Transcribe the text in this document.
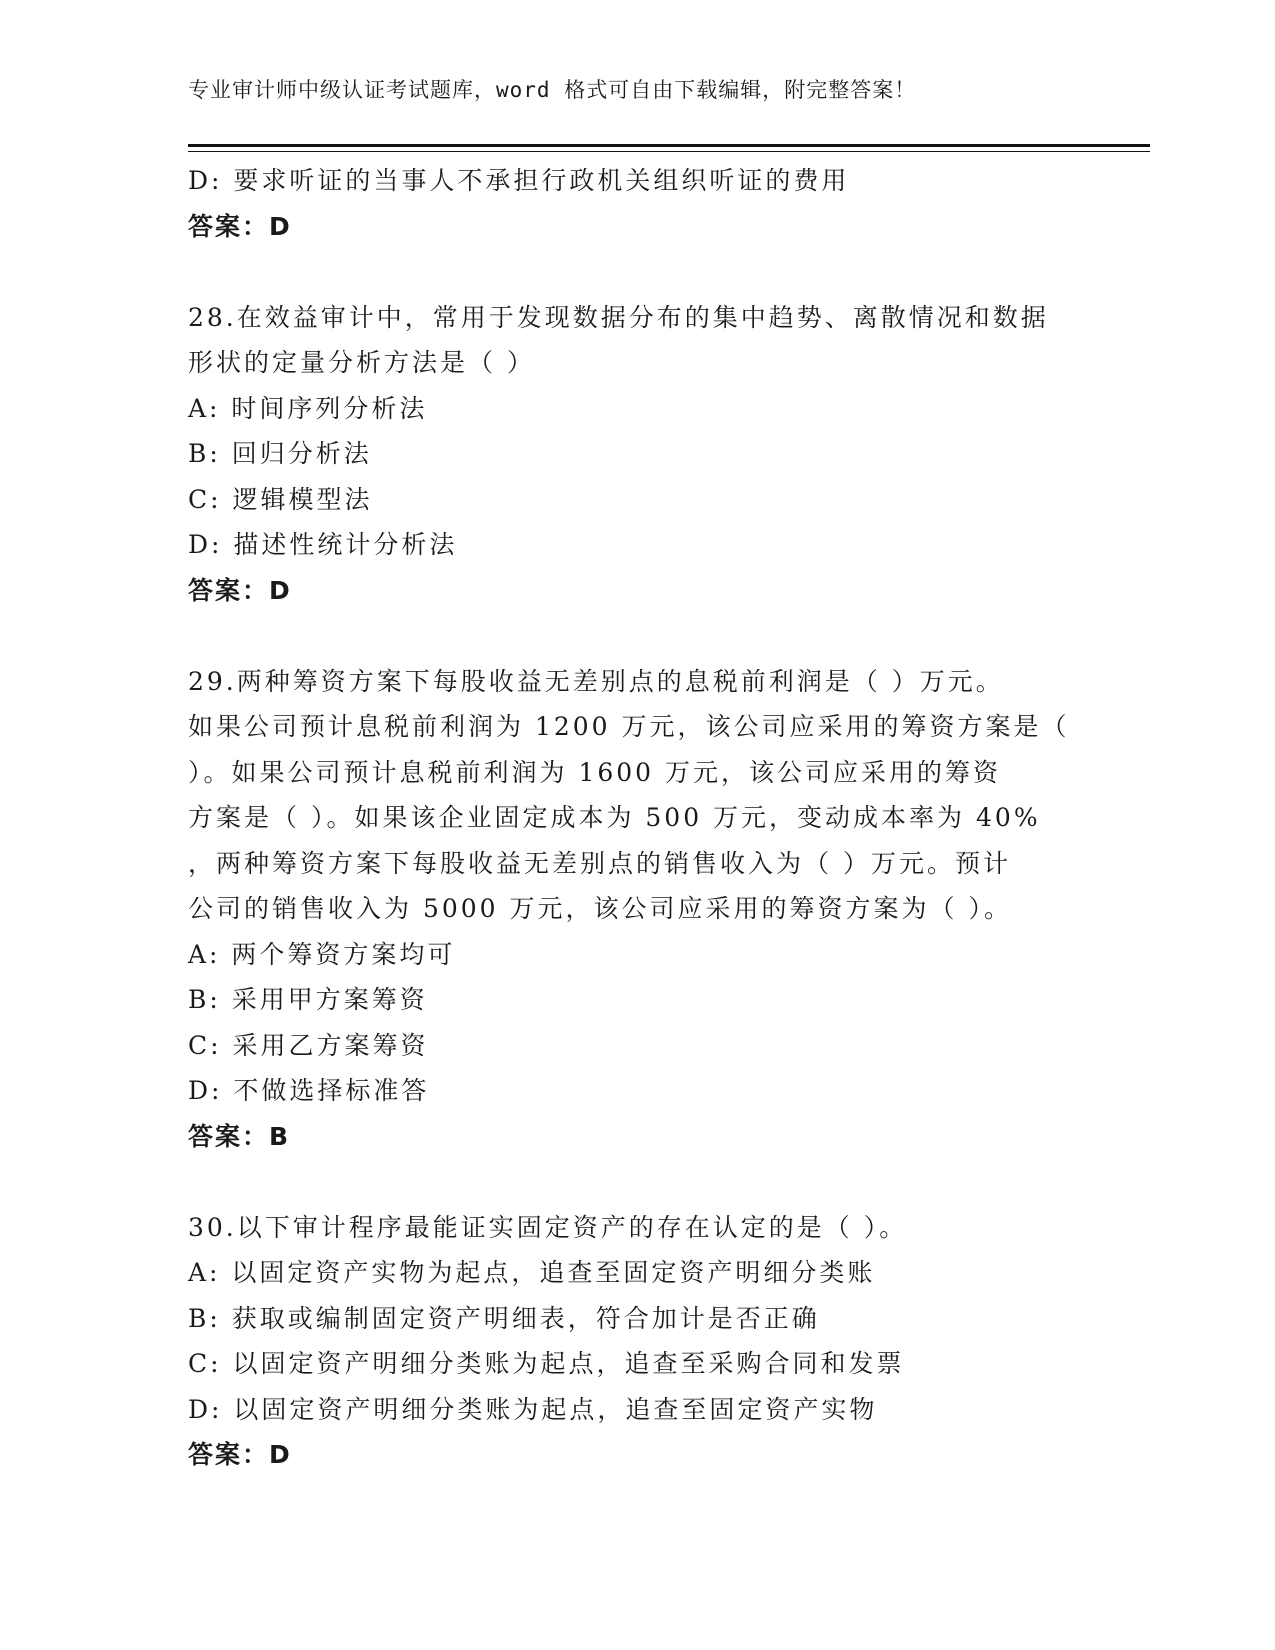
专业审计师中级认证考试题库，word 格式可自由下载编辑，附完整答案！
D: 要求听证的当事人不承担行政机关组织听证的费用
答案：D
28.在效益审计中，常用于发现数据分布的集中趋势、离散情况和数据
形状的定量分析方法是（ ）
A: 时间序列分析法
B: 回归分析法
C: 逻辑模型法
D: 描述性统计分析法
答案：D
29.两种筹资方案下每股收益无差别点的息税前利润是（ ）万元。
如果公司预计息税前利润为 1200 万元，该公司应采用的筹资方案是（
）。如果公司预计息税前利润为 1600 万元，该公司应采用的筹资
方案是（ ）。如果该企业固定成本为 500 万元，变动成本率为 40%
，两种筹资方案下每股收益无差别点的销售收入为（ ）万元。预计
公司的销售收入为 5000 万元，该公司应采用的筹资方案为（ ）。
A: 两个筹资方案均可
B: 采用甲方案筹资
C: 采用乙方案筹资
D: 不做选择标准答
答案：B
30.以下审计程序最能证实固定资产的存在认定的是（ ）。
A: 以固定资产实物为起点，追查至固定资产明细分类账
B: 获取或编制固定资产明细表，符合加计是否正确
C: 以固定资产明细分类账为起点，追查至采购合同和发票
D: 以固定资产明细分类账为起点，追查至固定资产实物
答案：D
